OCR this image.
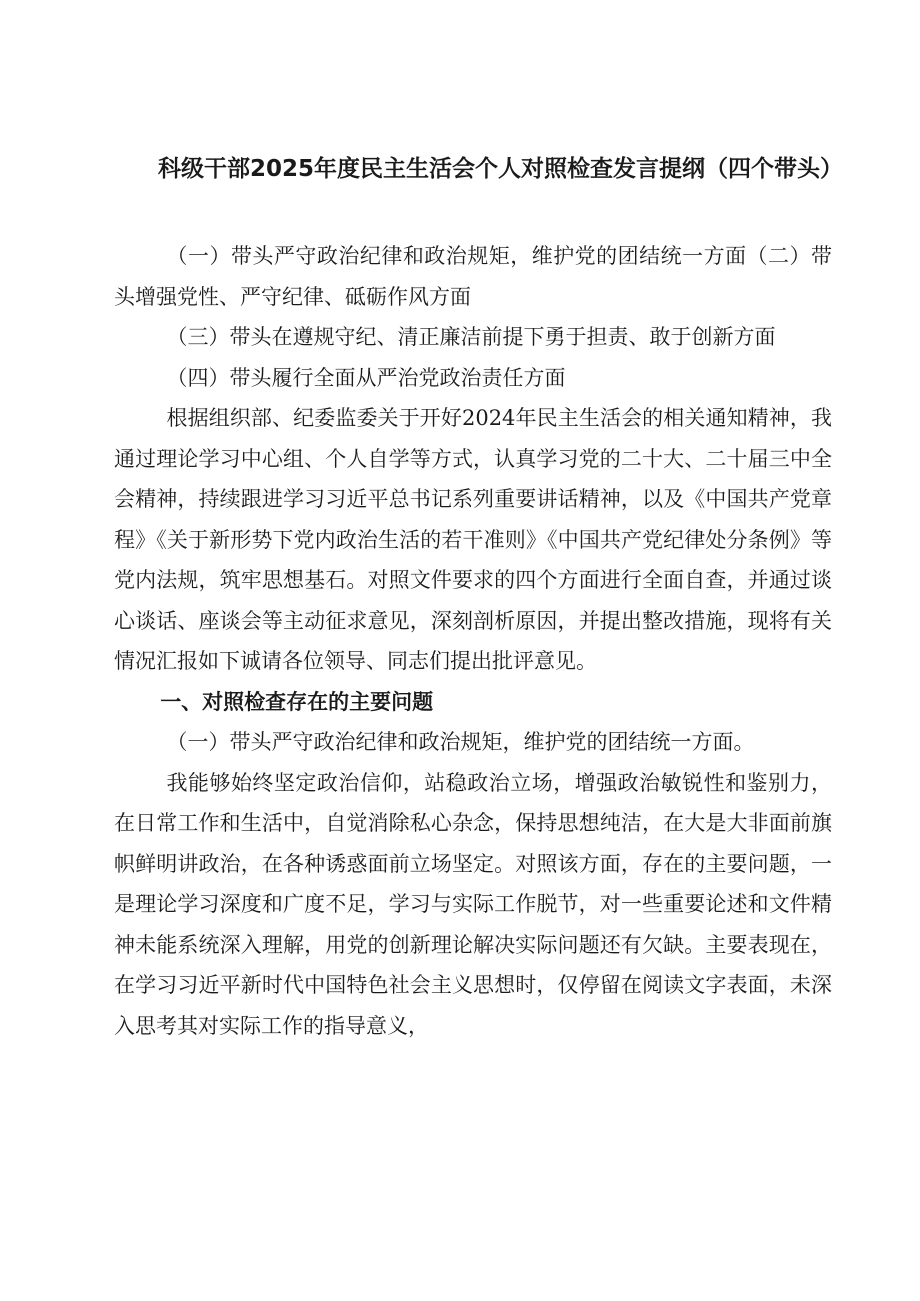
科级干部2025年度民主生活会个人对照检查发言提纲（四个带头）

（一）带头严守政治纪律和政治规矩，维护党的团结统一方面（二）带头增强党性、严守纪律、砥砺作风方面

（三）带头在遵规守纪、清正廉洁前提下勇于担责、敢于创新方面

（四）带头履行全面从严治党政治责任方面

根据组织部、纪委监委关于开好2024年民主生活会的相关通知精神，我通过理论学习中心组、个人自学等方式，认真学习党的二十大、二十届三中全会精神，持续跟进学习习近平总书记系列重要讲话精神，以及《中国共产党章程》《关于新形势下党内政治生活的若干准则》《中国共产党纪律处分条例》等党内法规，筑牢思想基石。对照文件要求的四个方面进行全面自查，并通过谈心谈话、座谈会等主动征求意见，深刻剖析原因，并提出整改措施，现将有关情况汇报如下诚请各位领导、同志们提出批评意见。

一、对照检查存在的主要问题

（一）带头严守政治纪律和政治规矩，维护党的团结统一方面。

我能够始终坚定政治信仰，站稳政治立场，增强政治敏锐性和鉴别力，在日常工作和生活中，自觉消除私心杂念，保持思想纯洁，在大是大非面前旗帜鲜明讲政治，在各种诱惑面前立场坚定。对照该方面，存在的主要问题，一是理论学习深度和广度不足，学习与实际工作脱节，对一些重要论述和文件精神未能系统深入理解，用党的创新理论解决实际问题还有欠缺。主要表现在，在学习习近平新时代中国特色社会主义思想时，仅停留在阅读文字表面，未深入思考其对实际工作的指导意义，
